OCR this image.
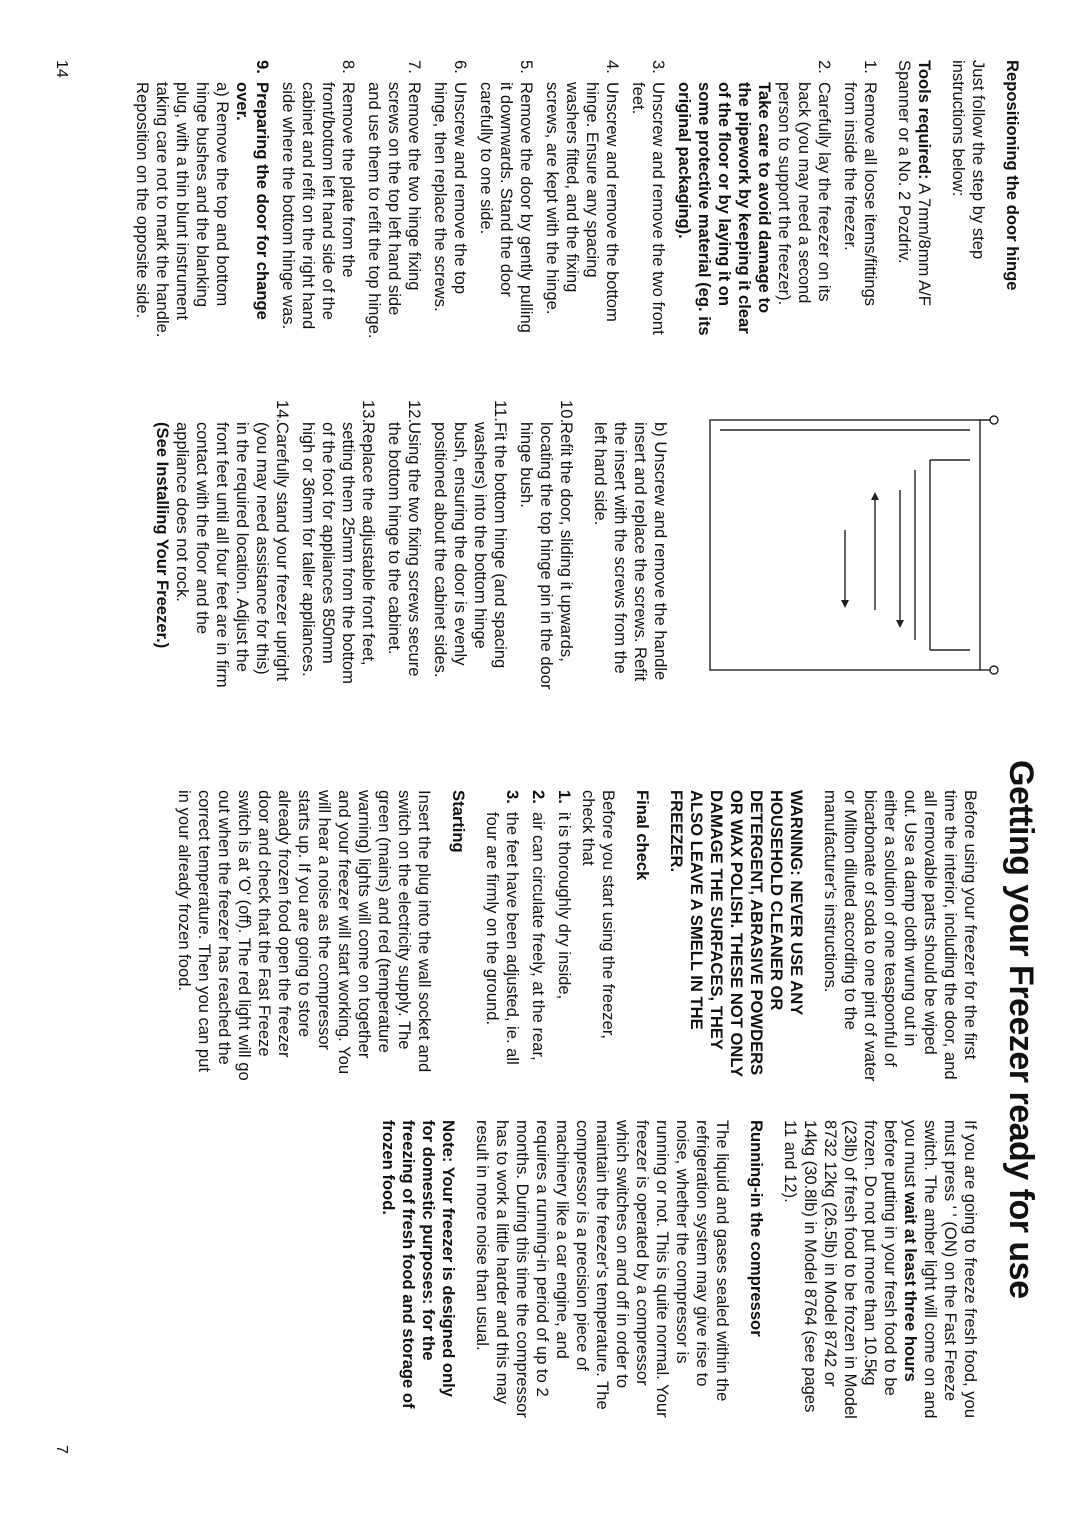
Repositioning the door hinge

Just follow the step by step instructions below:

Tools required: A 7mm/8mm A/F Spanner or a No. 2 Pozdriv.

1.
Remove all loose items/fittings from inside the freezer.
2.
Carefully lay the freezer on its back (you may need a second person to support the freezer). Take care to avoid damage to the pipework by keeping it clear of the floor or by laying it on some protective material (eg. its original packaging).
3.
Unscrew and remove the two front feet.
4.
Unscrew and remove the bottom hinge. Ensure any spacing washers fitted, and the fixing screws, are kept with the hinge.
5.
Remove the door by gently pulling it downwards. Stand the door carefully to one side.
6.
Unscrew and remove the top hinge, then replace the screws.
7.
Remove the two hinge fixing screws on the top left hand side and use them to refit the top hinge.
8.
Remove the plate from the front/bottom left hand side of the cabinet and refit on the right hand side where the bottom hinge was.
9.
Preparing the door for change over.
a) Remove the top and bottom hinge bushes and the blanking plug, with a thin blunt instrument taking care not to mark the handle. Reposition on the opposite side.

b) Unscrew and remove the handle insert and replace the screws. Refit the insert with the screws from the left hand side.

10.
Refit the door, sliding it upwards, locating the top hinge pin in the door hinge bush.
11.
Fit the bottom hinge (and spacing washers) into the bottom hinge bush, ensuring the door is evenly positioned about the cabinet sides.
12.
Using the two fixing screws secure the bottom hinge to the cabinet.
13.
Replace the adjustable front feet, setting them 25mm from the bottom of the foot for appliances 850mm high or 36mm for taller appliances.
14.
Carefully stand your freezer upright (you may need assistance for this) in the required location. Adjust the front feet until all four feet are in firm contact with the floor and the appliance does not rock.
(See Installing Your Freezer.)
Getting your Freezer ready for use

Before using your freezer for the first time the interior, including the door, and all removable parts should be wiped out. Use a damp cloth wrung out in either a solution of one teaspoonful of bicarbonate of soda to one pint of water or Milton diluted according to the manufacturer's instructions.

WARNING: NEVER USE ANY HOUSEHOLD CLEANER OR DETERGENT, ABRASIVE POWDERS OR WAX POLISH. THESE NOT ONLY DAMAGE THE SURFACES, THEY ALSO LEAVE A SMELL IN THE FREEZER.

Final check

Before you start using the freezer, check that

1.
it is thoroughly dry inside,
2.
air can circulate freely, at the rear,
3.
the feet have been adjusted, ie. all four are firmly on the ground.

Starting

Insert the plug into the wall socket and switch on the electricity supply. The green (mains) and red (temperature warning) lights will come on together and your freezer will start working. You will hear a noise as the compressor starts up. If you are going to store already frozen food open the freezer door and check that the Fast Freeze switch is at 'O' (off). The red light will go out when the freezer has reached the correct temperature. Then you can put in your already frozen food.

If you are going to freeze fresh food, you must press ' ' (ON) on the Fast Freeze switch. The amber light will come on and you must wait at least three hours before putting in your fresh food to be frozen. Do not put more than 10.5kg (23lb) of fresh food to be frozen in Model 8732 12kg (26.5lb) in Model 8742 or 14kg (30.8lb) in Model 8764 (see pages 11 and 12).

Running-in the compressor

The liquid and gases sealed within the refrigeration system may give rise to noise, whether the compressor is running or not. This is quite normal. Your freezer is operated by a compressor which switches on and off in order to maintain the freezer's temperature. The compressor is a precision piece of machinery like a car engine, and requires a running-in period of up to 2 months. During this time the compressor has to work a little harder and this may result in more noise than usual.

Note: Your freezer is designed only for domestic purposes: for the freezing of fresh food and storage of frozen food.

14
7
